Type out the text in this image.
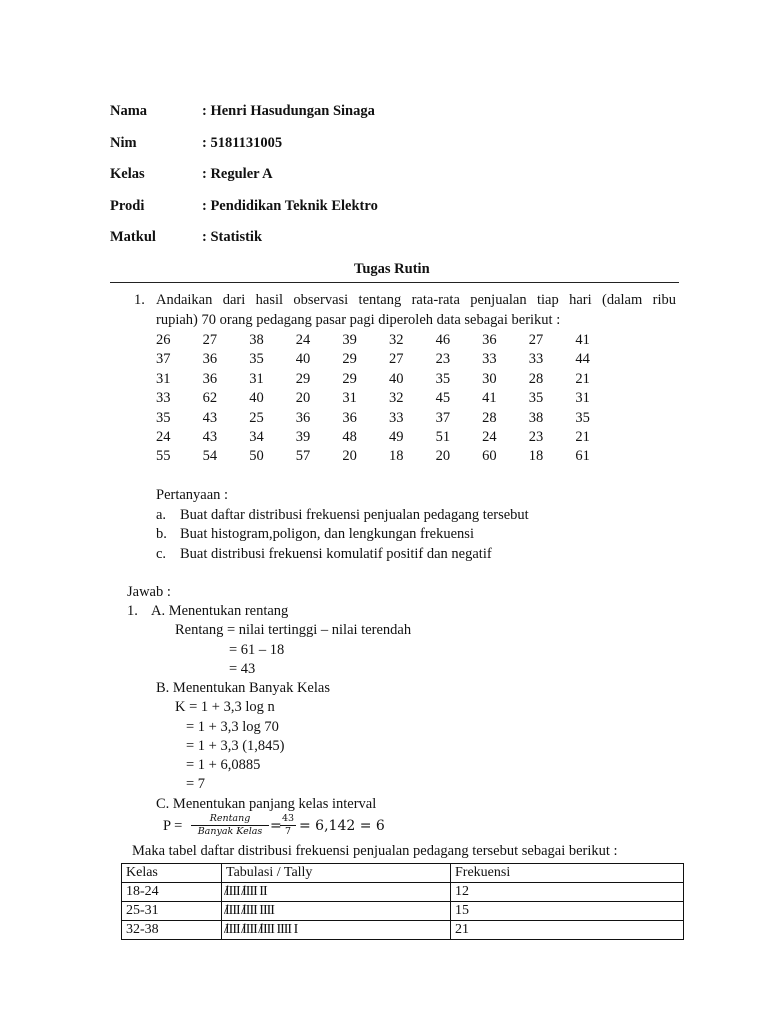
Nama	: Henri Hasudungan Sinaga
Nim	: 5181131005
Kelas	: Reguler A
Prodi	: Pendidikan Teknik Elektro
Matkul	: Statistik
Tugas Rutin
1. Andaikan dari hasil observasi tentang rata-rata penjualan tiap hari (dalam ribu
rupiah) 70 orang pedagang pasar pagi diperoleh data sebagai berikut :
26	27	38	24	39	32	46	36	27	41
37	36	35	40	29	27	23	33	33	44
31	36	31	29	29	40	35	30	28	21
33	62	40	20	31	32	45	41	35	31
35	43	25	36	36	33	37	28	38	35
24	43	34	39	48	49	51	24	23	21
55	54	50	57	20	18	20	60	18	61
Pertanyaan :
a. Buat daftar distribusi frekuensi penjualan pedagang tersebut
b. Buat histogram,poligon, dan lengkungan frekuensi
c. Buat distribusi frekuensi komulatif positif dan negatif
Jawab :
1. A. Menentukan rentang
Rentang = nilai tertinggi – nilai terendah
= 61 – 18
= 43
B. Menentukan Banyak Kelas
K = 1 + 3,3 log n
= 1 + 3,3 log 70
= 1 + 3,3 (1,845)
= 1 + 6,0885
= 7
C. Menentukan panjang kelas interval
P =	Rentang
Banyak Kelas =
$\frac{43}{7} = 6,142 = 6$
Maka tabel daftar distribusi frekuensi penjualan pedagang tersebut sebagai berikut :
Kelas	Tabulasi / Tally	Frekuensi
18-24	̸IIII ̸IIII II	12
25-31	̸IIII ̸IIII IIII	15
32-38	̸IIII ̸IIII ̸IIII IIII I	21
